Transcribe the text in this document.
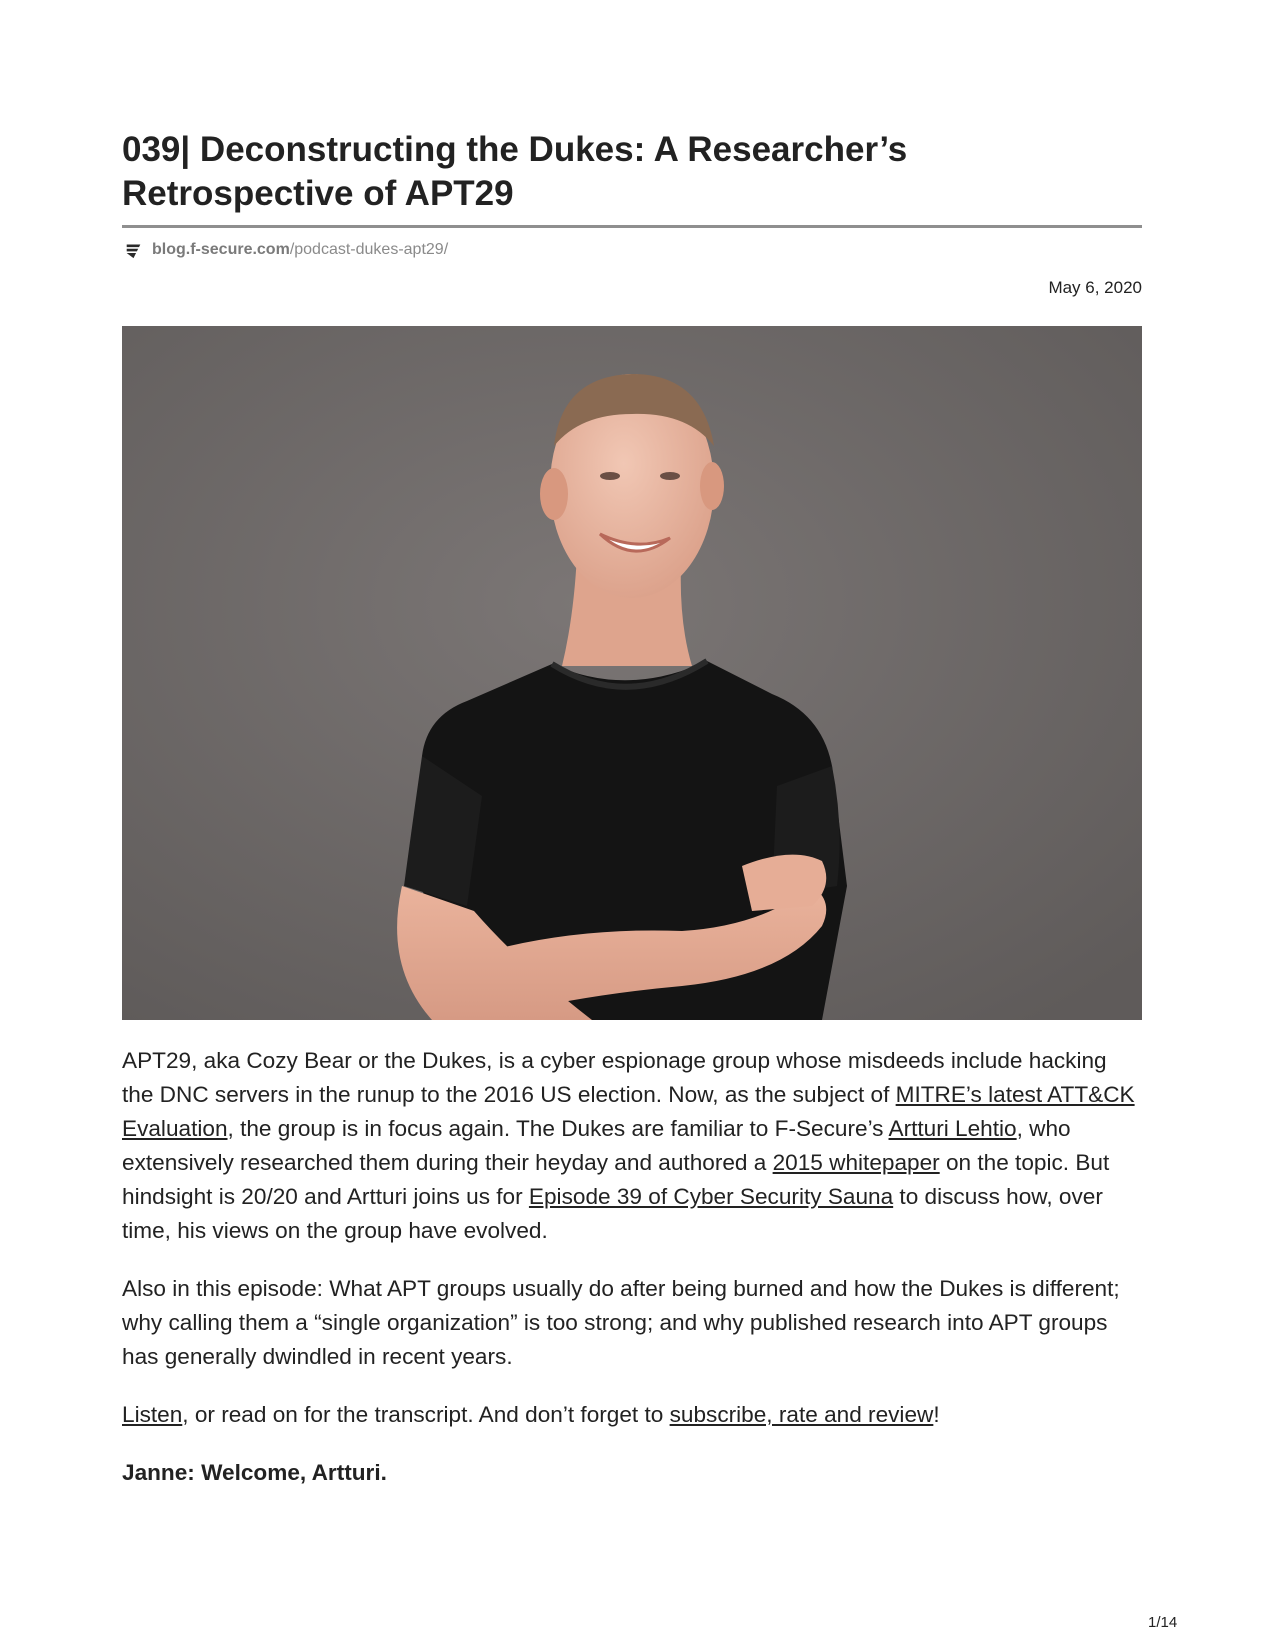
039| Deconstructing the Dukes: A Researcher’s
Retrospective of APT29
blog.f-secure.com /podcast-dukes-apt29/
May 6, 2020

APT29, aka Cozy Bear or the Dukes, is a cyber espionage group whose misdeeds include hacking the DNC servers in the runup to the 2016 US election. Now, as the subject of MITRE’s latest ATT&CK Evaluation, the group is in focus again. The Dukes are familiar to F-Secure’s Artturi Lehtio, who extensively researched them during their heyday and authored a 2015 whitepaper on the topic. But hindsight is 20/20 and Artturi joins us for Episode 39 of Cyber Security Sauna to discuss how, over time, his views on the group have evolved.

Also in this episode: What APT groups usually do after being burned and how the Dukes is different; why calling them a “single organization” is too strong; and why published research into APT groups has generally dwindled in recent years.

Listen, or read on for the transcript. And don’t forget to subscribe, rate and review!

Janne: Welcome, Artturi.

1/14
